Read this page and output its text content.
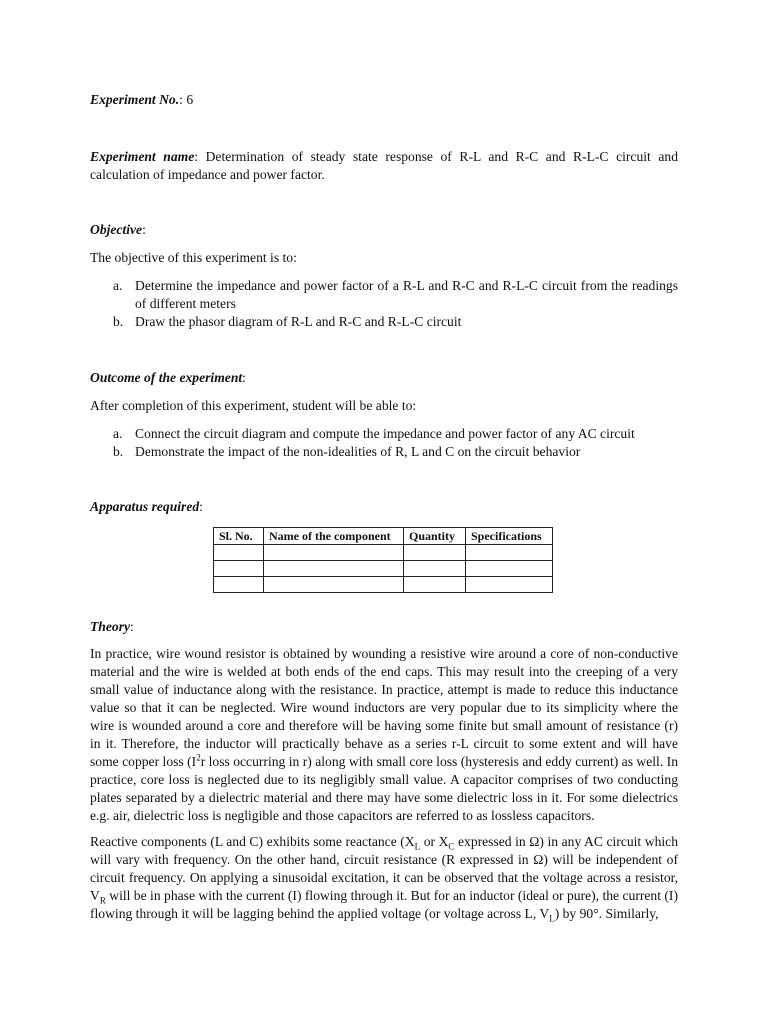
Experiment No.: 6

Experiment name: Determination of steady state response of R-L and R-C and R-L-C circuit and

calculation of impedance and power factor.

Objective:
The objective of this experiment is to:
a. Determine the impedance and power factor of a R-L and R-C and R-L-C circuit from the readings of different meters
b. Draw the phasor diagram of R-L and R-C and R-L-C circuit
Outcome of the experiment:
After completion of this experiment, student will be able to:
a. Connect the circuit diagram and compute the impedance and power factor of any AC circuit
b. Demonstrate the impact of the non-idealities of R, L and C on the circuit behavior
Apparatus required:
Sl. No.	Name of the component	Quantity	Specifications

Theory:

In practice, wire wound resistor is obtained by wounding a resistive wire around a core of non-conductive material and the wire is welded at both ends of the end caps. This may result into the creeping of a very small value of inductance along with the resistance. In practice, attempt is made to reduce this inductance value so that it can be neglected. Wire wound inductors are very popular due to its simplicity where the wire is wounded around a core and therefore will be having some finite but small amount of resistance (r) in it. Therefore, the inductor will practically behave as a series r-L circuit to some extent and will have some copper loss ($I^2r$ loss occurring in r) along with small core loss (hysteresis and eddy current) as well. In practice, core loss is neglected due to its negligibly small value. A capacitor comprises of two conducting plates separated by a dielectric material and there may have some dielectric loss in it. For some dielectrics e.g. air, dielectric loss is negligible and those capacitors are referred to as lossless capacitors.

Reactive components (L and C) exhibits some reactance ($X_L$ or $X_C$ expressed in Ω) in any AC circuit which will vary with frequency. On the other hand, circuit resistance (R expressed in Ω) will be independent of circuit frequency. On applying a sinusoidal excitation, it can be observed that the voltage across a resistor, $V_R$ will be in phase with the current (I) flowing through it. But for an inductor (ideal or pure), the current (I) flowing through it will be lagging behind the applied voltage (or voltage across L, $V_L$) by 90°. Similarly,
